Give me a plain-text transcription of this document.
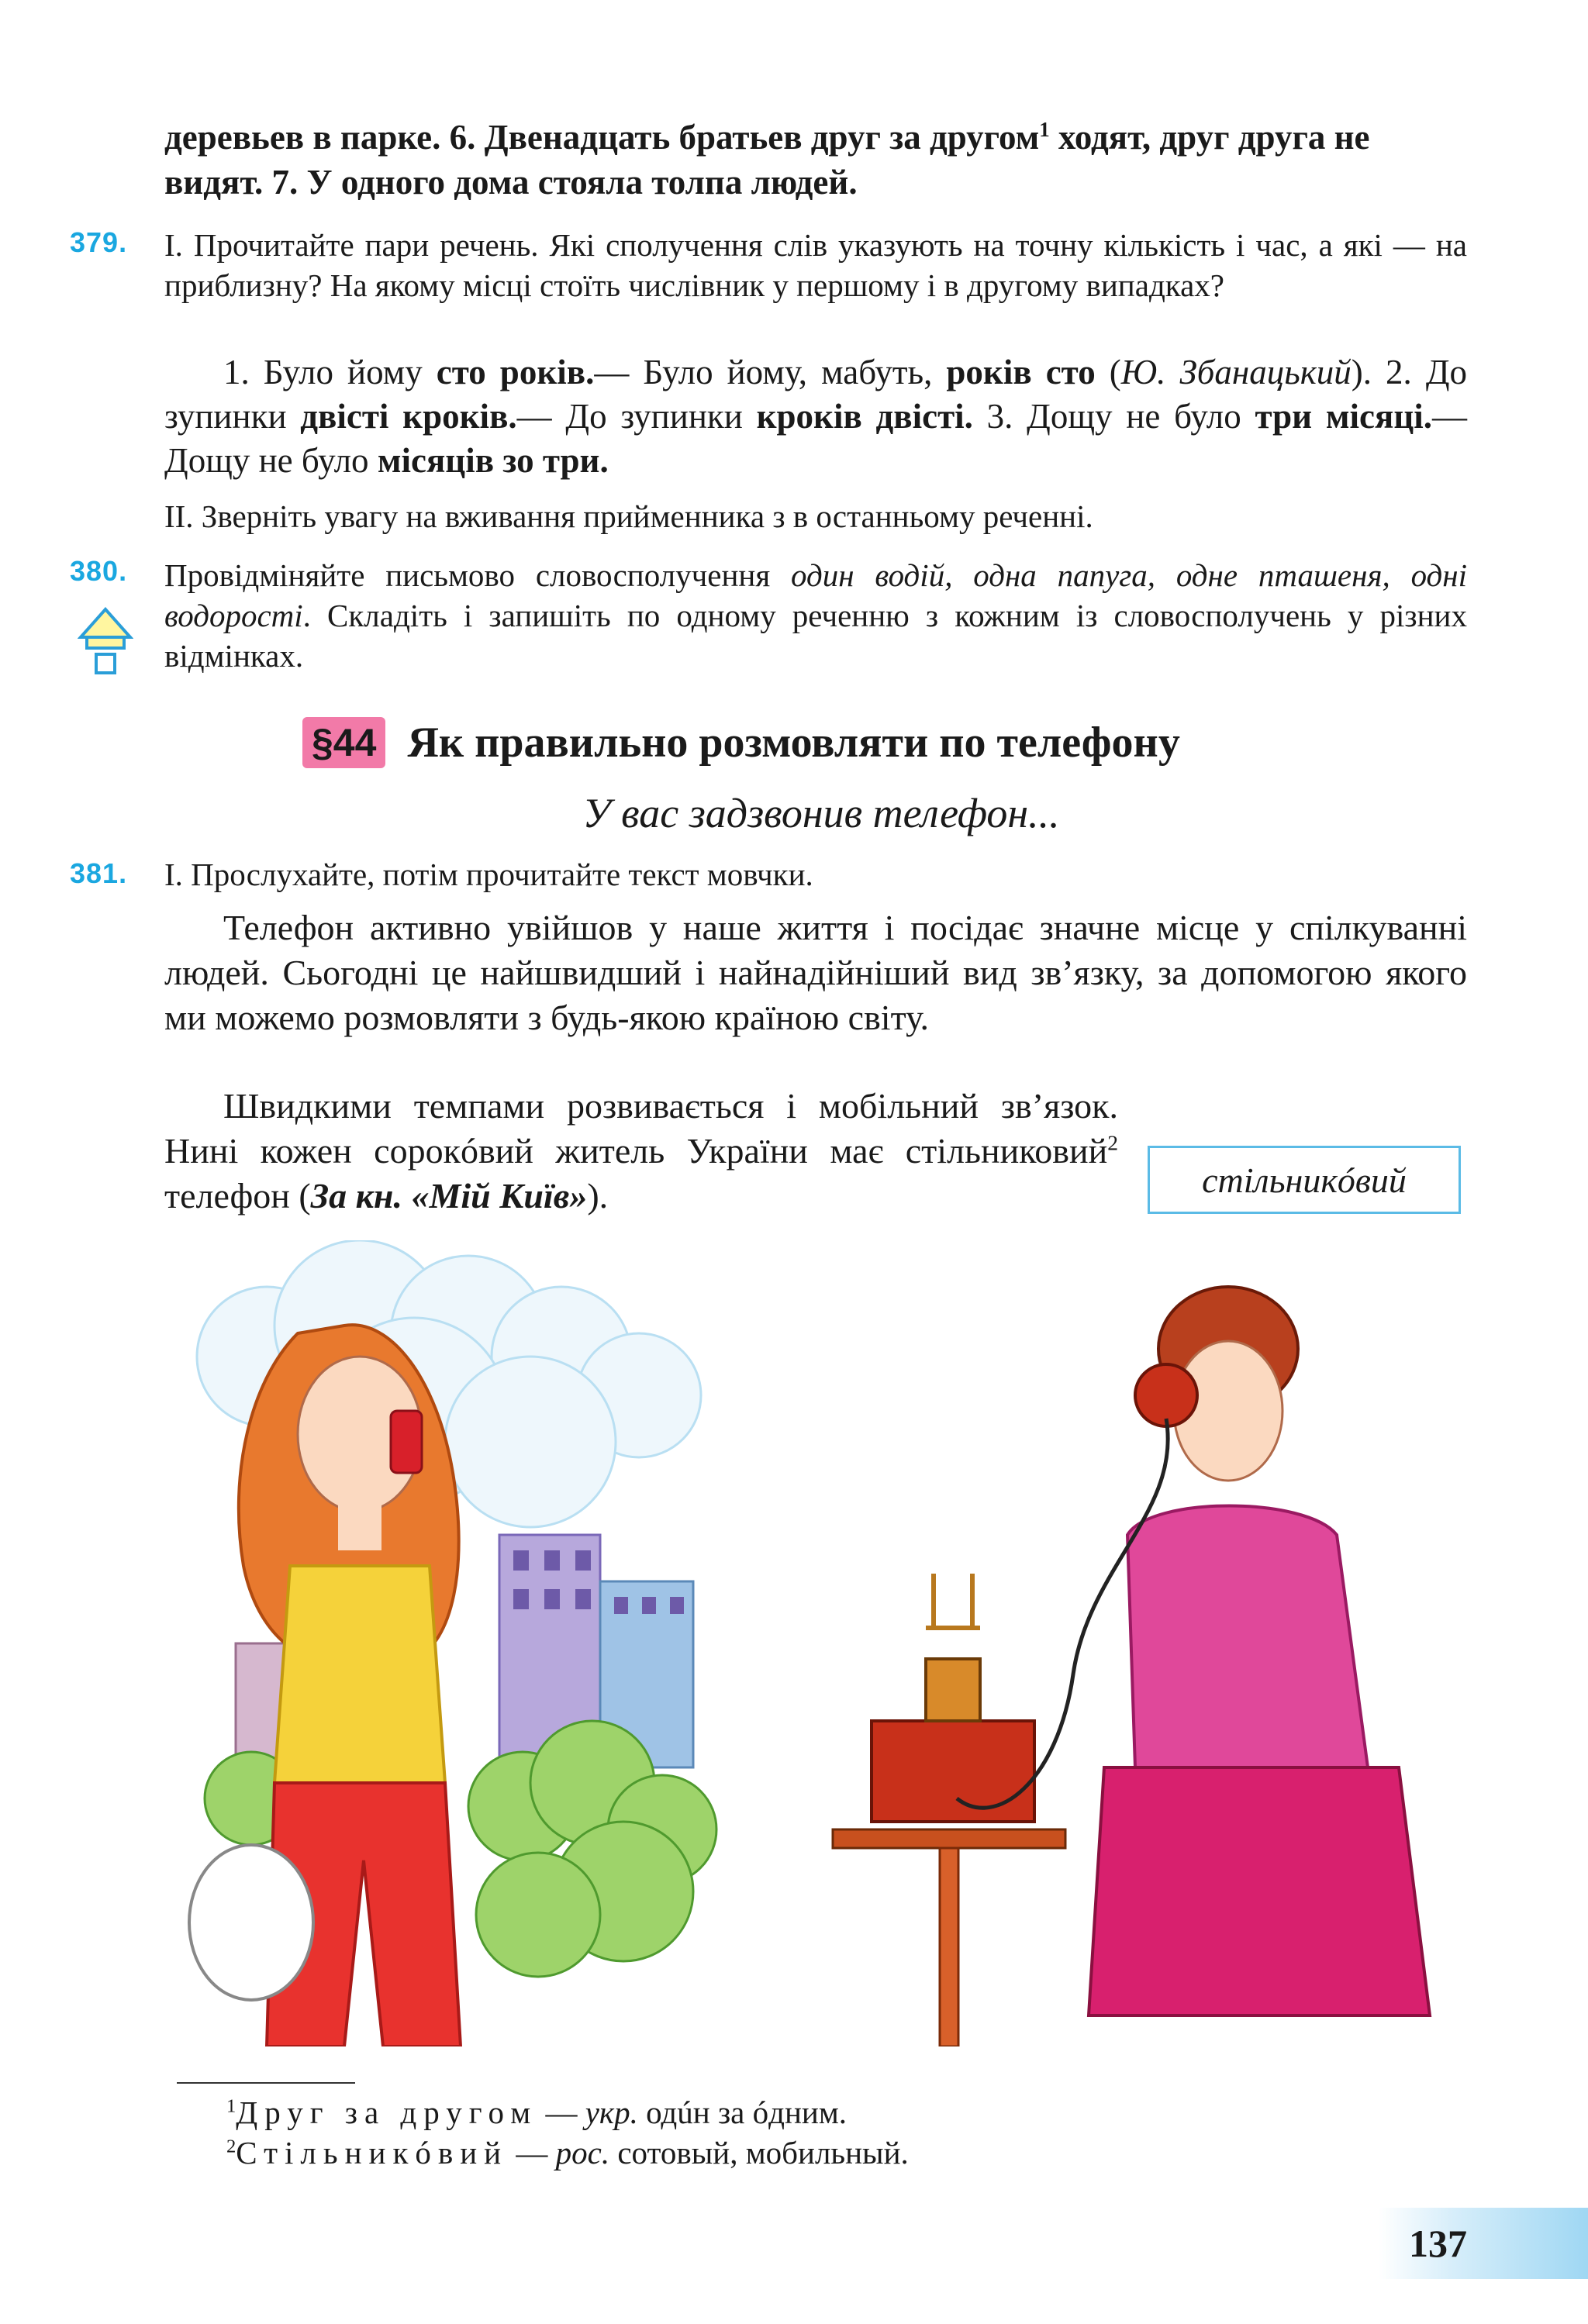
деревьев в парке. 6. Двенадцать братьев друг за другом$^1$ ходят, друг друга не видят. 7. У одного дома стояла толпа людей.
379. I. Прочитайте пари речень. Які сполучення слів указують на точну кількість і час, а які — на приблизну? На якому місці стоїть числівник у першому і в другому випадках?
1. Було йому сто років.— Було йому, мабуть, років сто (Ю. Збанацький). 2. До зупинки двісті кроків.— До зупинки кроків двісті. 3. Дощу не було три місяці.— Дощу не було місяців зо три.
II. Зверніть увагу на вживання прийменника з в останньому реченні.
380. Провідміняйте письмово словосполучення один водій, одна папуга, одне пташеня, одні водорості. Складіть і запишіть по одному реченню з кожним із словосполучень у різних відмінках.
§44 Як правильно розмовляти по телефону
У вас задзвонив телефон...
381. I. Прослухайте, потім прочитайте текст мовчки.
Телефон активно увійшов у наше життя і посідає значне місце у спілкуванні людей. Сьогодні це найшвидший і найнадійніший вид зв’язку, за допомогою якого ми можемо розмовляти з будь-якою країною світу.
Швидкими темпами розвивається і мобільний зв’язок. Нині кожен сорокóвий житель України має стільниковий$^2$ телефон (За кн. «Мій Київ»).	стільникóвий
$^1$Друг за другом — укр. одúн за óдним.
$^2$Стільникóвий — рос. сотовый, мобильный.
137
